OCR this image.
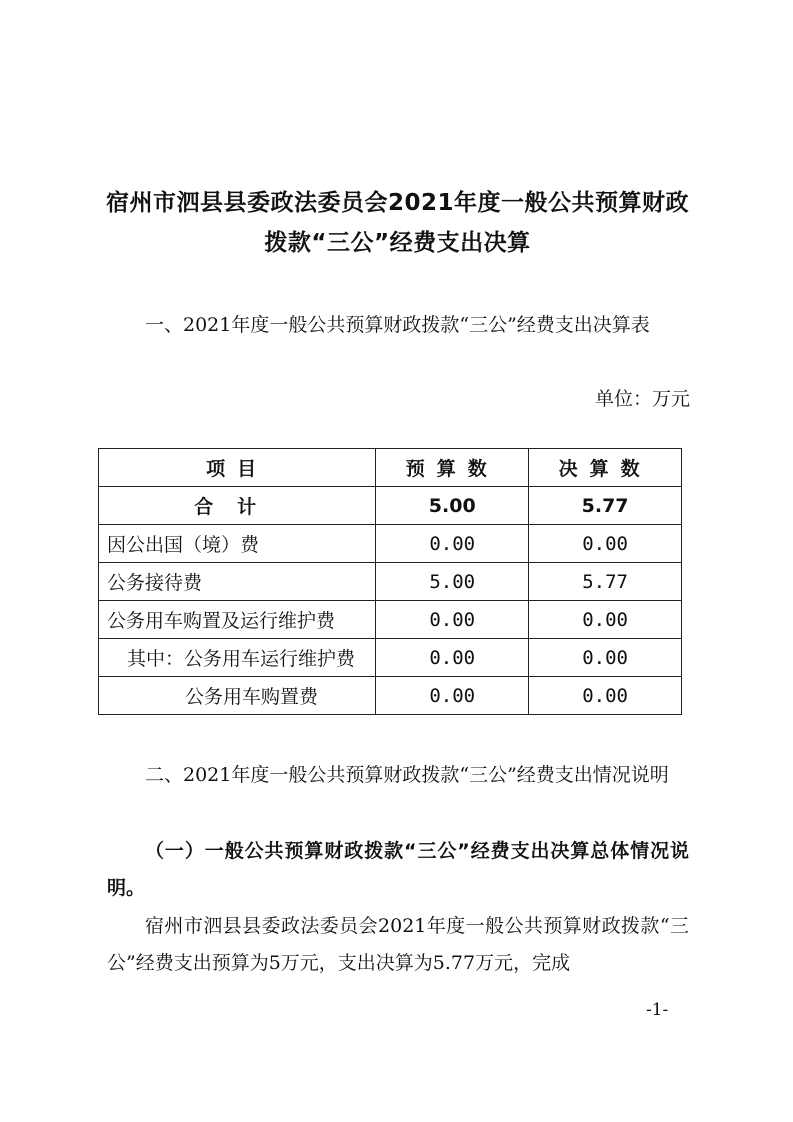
宿州市泗县县委政法委员会2021年度一般公共预算财政
拨款“三公”经费支出决算

一、2021年度一般公共预算财政拨款“三公”经费支出决算表

单位：万元
项目	预算数	决算数
合计	5.00	5.77
因公出国（境）费	0.00	0.00
公务接待费	5.00	5.77
公务用车购置及运行维护费	0.00	0.00
其中：公务用车运行维护费	0.00	0.00
公务用车购置费	0.00	0.00

二、2021年度一般公共预算财政拨款“三公”经费支出情况说明

（一）一般公共预算财政拨款“三公”经费支出决算总体情况说明。

宿州市泗县县委政法委员会2021年度一般公共预算财政拨款“三公”经费支出预算为5万元，支出决算为5.77万元，完成

-1-
